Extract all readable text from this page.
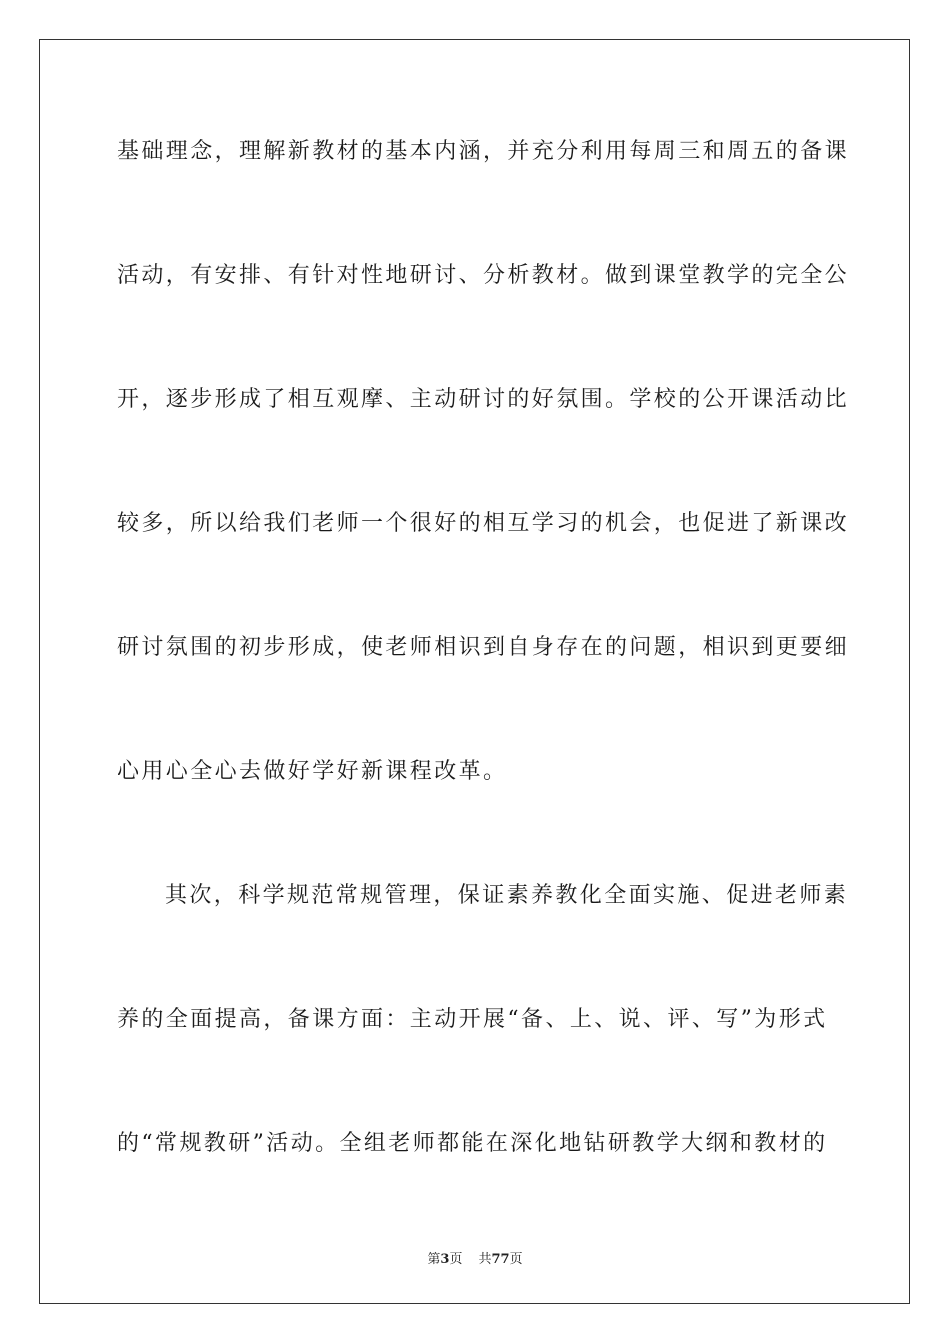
基础理念，理解新教材的基本内涵，并充分利用每周三和周五的备课
活动，有安排、有针对性地研讨、分析教材。做到课堂教学的完全公
开，逐步形成了相互观摩、主动研讨的好氛围。学校的公开课活动比
较多，所以给我们老师一个很好的相互学习的机会，也促进了新课改
研讨氛围的初步形成，使老师相识到自身存在的问题，相识到更要细
心用心全心去做好学好新课程改革。
其次，科学规范常规管理，保证素养教化全面实施、促进老师素
养的全面提高，备课方面：主动开展“备、上、说、评、写”为形式
的“常规教研”活动。全组老师都能在深化地钻研教学大纲和教材的
第3页 共77页
